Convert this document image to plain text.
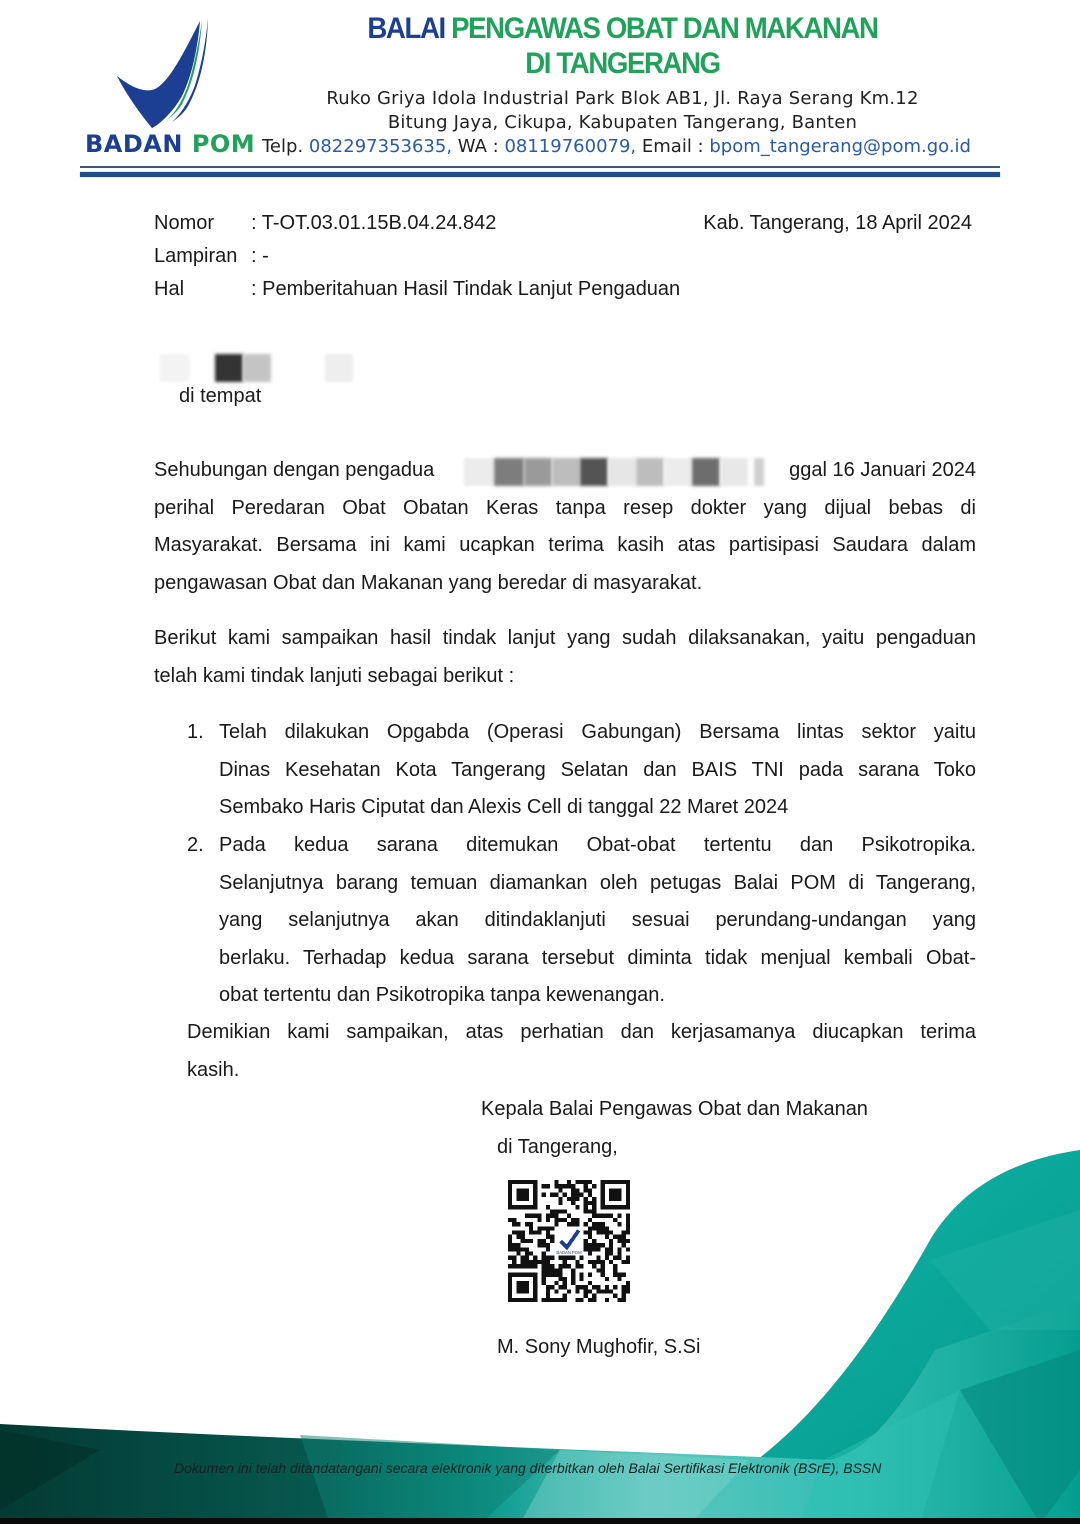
BADAN POM
BALAI PENGAWAS OBAT DAN MAKANAN
DI TANGERANG
Ruko Griya Idola Industrial Park Blok AB1, Jl. Raya Serang Km.12
Bitung Jaya, Cikupa, Kabupaten Tangerang, Banten
Telp. 082297353635, WA : 08119760079, Email : bpom_tangerang@pom.go.id
Nomor : T-OT.03.01.15B.04.24.842	Kab. Tangerang, 18 April 2024
Lampiran : -
Hal	: Pemberitahuan Hasil Tindak Lanjut Pengaduan
di tempat
Sehubungan dengan pengadua	ggal 16 Januari 2024
perihal Peredaran Obat Obatan Keras tanpa resep dokter yang dijual bebas di
Masyarakat. Bersama ini kami ucapkan terima kasih atas partisipasi Saudara dalam
pengawasan Obat dan Makanan yang beredar di masyarakat.
Berikut kami sampaikan hasil tindak lanjut yang sudah dilaksanakan, yaitu pengaduan
telah kami tindak lanjuti sebagai berikut :
1. Telah dilakukan Opgabda (Operasi Gabungan) Bersama lintas sektor yaitu
Dinas Kesehatan Kota Tangerang Selatan dan BAIS TNI pada sarana Toko
Sembako Haris Ciputat dan Alexis Cell di tanggal 22 Maret 2024
2. Pada kedua sarana ditemukan Obat-obat tertentu dan Psikotropika.
Selanjutnya barang temuan diamankan oleh petugas Balai POM di Tangerang,
yang selanjutnya akan ditindaklanjuti sesuai perundang-undangan yang
berlaku. Terhadap kedua sarana tersebut diminta tidak menjual kembali Obat-
obat tertentu dan Psikotropika tanpa kewenangan.
Demikian kami sampaikan, atas perhatian dan kerjasamanya diucapkan terima
kasih.
Dokumen ini telah ditandatangani secara elektronik yang diterbitkan oleh Balai Sertifikasi Elektronik (BSrE), BSSN
Kepala Balai Pengawas Obat dan Makanan
di Tangerang,
BADAN POM
M. Sony Mughofir, S.Si
